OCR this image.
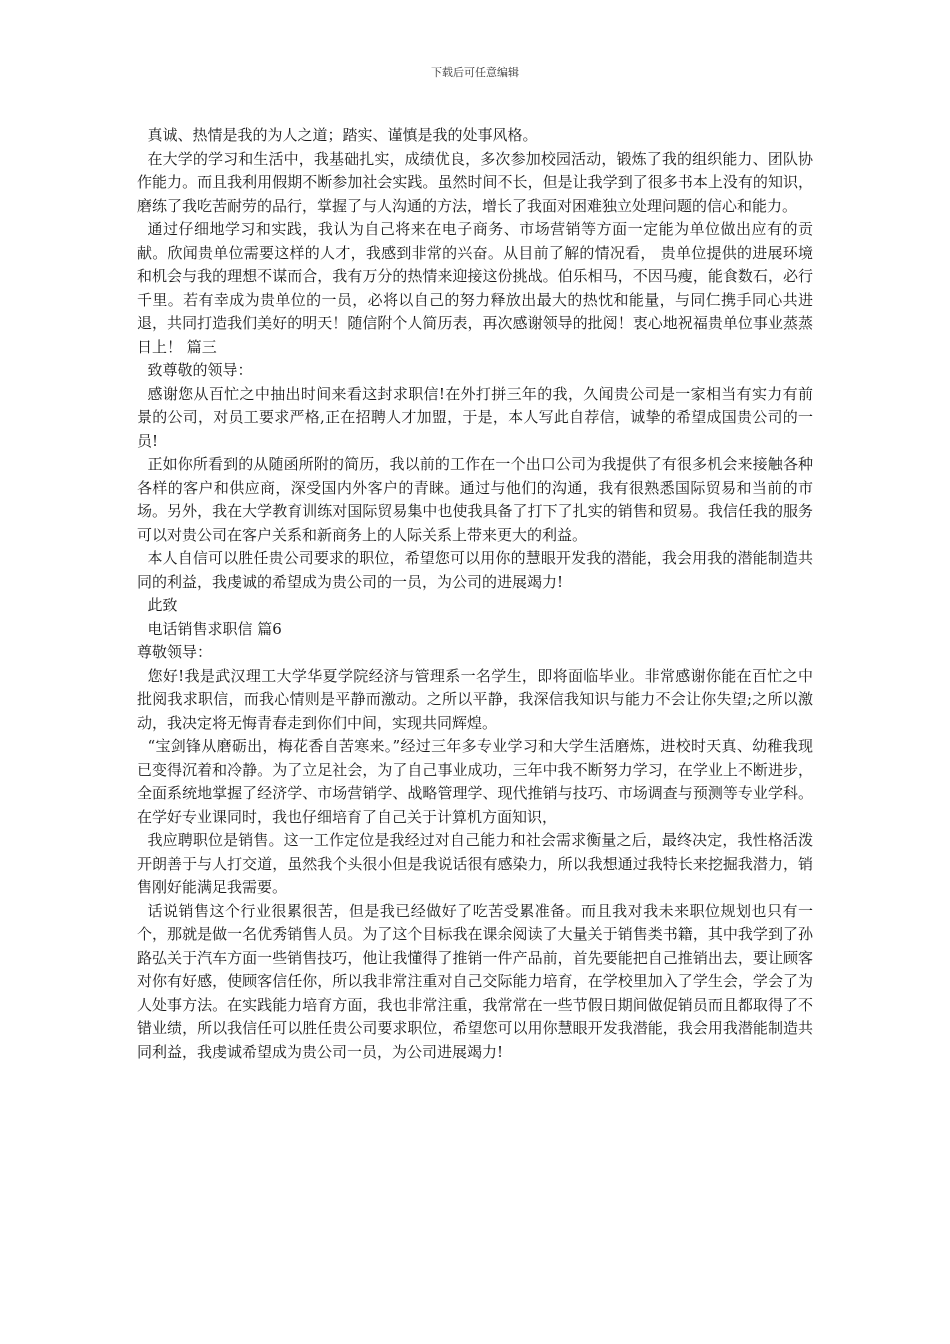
下载后可任意编辑

真诚、热情是我的为人之道；踏实、谨慎是我的处事风格。

在大学的学习和生活中，我基础扎实，成绩优良，多次参加校园活动，锻炼了我的组织能力、团队协作能力。而且我利用假期不断参加社会实践。虽然时间不长，但是让我学到了很多书本上没有的知识，磨练了我吃苦耐劳的品行，掌握了与人沟通的方法，增长了我面对困难独立处理问题的信心和能力。

通过仔细地学习和实践，我认为自己将来在电子商务、市场营销等方面一定能为单位做出应有的贡献。欣闻贵单位需要这样的人才，我感到非常的兴奋。从目前了解的情况看， 贵单位提供的进展环境和机会与我的理想不谋而合，我有万分的热情来迎接这份挑战。伯乐相马，不因马瘦，能食数石，必行千里。若有幸成为贵单位的一员，必将以自己的努力释放出最大的热忱和能量，与同仁携手同心共进退，共同打造我们美好的明天！随信附个人简历表，再次感谢领导的批阅！衷心地祝福贵单位事业蒸蒸日上！ 篇三

致尊敬的领导：

感谢您从百忙之中抽出时间来看这封求职信!在外打拼三年的我，久闻贵公司是一家相当有实力有前景的公司，对员工要求严格,正在招聘人才加盟，于是，本人写此自荐信，诚挚的希望成国贵公司的一员!

正如你所看到的从随函所附的简历，我以前的工作在一个出口公司为我提供了有很多机会来接触各种各样的客户和供应商，深受国内外客户的青睐。通过与他们的沟通，我有很熟悉国际贸易和当前的市场。另外，我在大学教育训练对国际贸易集中也使我具备了打下了扎实的销售和贸易。我信任我的服务可以对贵公司在客户关系和新商务上的人际关系上带来更大的利益。

本人自信可以胜任贵公司要求的职位，希望您可以用你的慧眼开发我的潜能，我会用我的潜能制造共同的利益，我虔诚的希望成为贵公司的一员，为公司的进展竭力!

此致

电话销售求职信 篇6

尊敬领导：

您好!我是武汉理工大学华夏学院经济与管理系一名学生，即将面临毕业。非常感谢你能在百忙之中批阅我求职信，而我心情则是平静而激动。之所以平静，我深信我知识与能力不会让你失望;之所以激动，我决定将无悔青春走到你们中间，实现共同辉煌。

“宝剑锋从磨砺出，梅花香自苦寒来。”经过三年多专业学习和大学生活磨炼，进校时天真、幼稚我现已变得沉着和冷静。为了立足社会，为了自己事业成功，三年中我不断努力学习，在学业上不断进步，全面系统地掌握了经济学、市场营销学、战略管理学、现代推销与技巧、市场调查与预测等专业学科。在学好专业课同时，我也仔细培育了自己关于计算机方面知识，

我应聘职位是销售。这一工作定位是我经过对自己能力和社会需求衡量之后，最终决定，我性格活泼开朗善于与人打交道，虽然我个头很小但是我说话很有感染力，所以我想通过我特长来挖掘我潜力，销售刚好能满足我需要。

话说销售这个行业很累很苦，但是我已经做好了吃苦受累准备。而且我对我未来职位规划也只有一个，那就是做一名优秀销售人员。为了这个目标我在课余阅读了大量关于销售类书籍，其中我学到了孙路弘关于汽车方面一些销售技巧，他让我懂得了推销一件产品前，首先要能把自己推销出去，要让顾客对你有好感，使顾客信任你，所以我非常注重对自己交际能力培育，在学校里加入了学生会，学会了为人处事方法。在实践能力培育方面，我也非常注重，我常常在一些节假日期间做促销员而且都取得了不错业绩，所以我信任可以胜任贵公司要求职位，希望您可以用你慧眼开发我潜能，我会用我潜能制造共同利益，我虔诚希望成为贵公司一员，为公司进展竭力!
